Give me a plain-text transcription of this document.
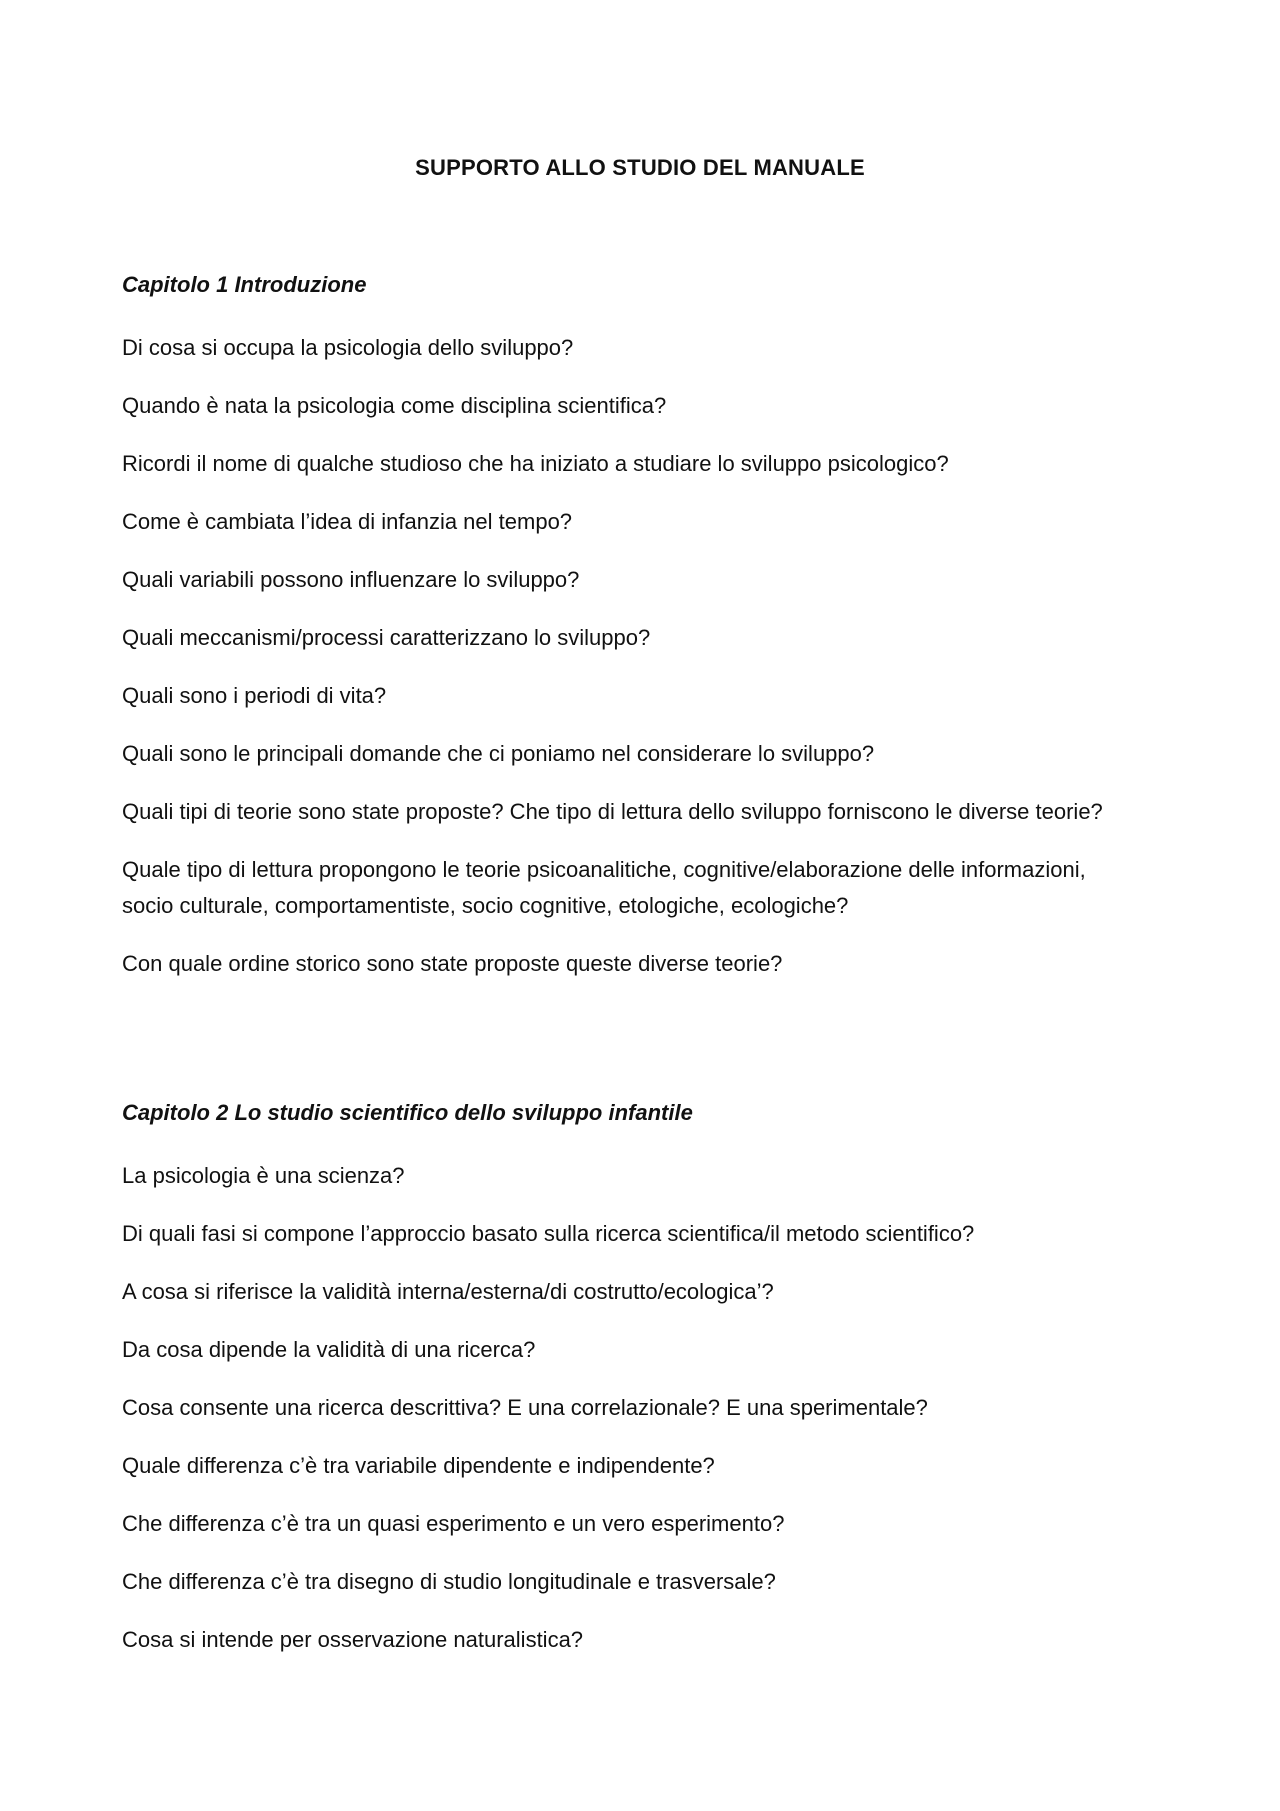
SUPPORTO ALLO STUDIO DEL MANUALE
Capitolo 1 Introduzione
Di cosa si occupa la psicologia dello sviluppo?
Quando è nata la psicologia come disciplina scientifica?
Ricordi il nome di qualche studioso che ha iniziato a studiare lo sviluppo psicologico?
Come è cambiata l’idea di infanzia nel tempo?
Quali variabili possono influenzare lo sviluppo?
Quali meccanismi/processi caratterizzano lo sviluppo?
Quali sono i periodi di vita?
Quali sono le principali domande che ci poniamo nel considerare lo sviluppo?
Quali tipi di teorie sono state proposte? Che tipo di lettura dello sviluppo forniscono le diverse teorie?
Quale tipo di lettura propongono le teorie psicoanalitiche, cognitive/elaborazione delle informazioni, socio culturale, comportamentiste, socio cognitive, etologiche, ecologiche?
Con quale ordine storico sono state proposte queste diverse teorie?
Capitolo 2 Lo studio scientifico dello sviluppo infantile
La psicologia è una scienza?
Di quali fasi si compone l’approccio basato sulla ricerca scientifica/il metodo scientifico?
A cosa si riferisce la validità interna/esterna/di costrutto/ecologica’?
Da cosa dipende la validità di una ricerca?
Cosa consente una ricerca descrittiva? E una correlazionale? E una sperimentale?
Quale differenza c’è tra variabile dipendente e indipendente?
Che differenza c’è tra un quasi esperimento e un vero esperimento?
Che differenza c’è tra disegno di studio longitudinale e trasversale?
Cosa si intende per osservazione naturalistica?
